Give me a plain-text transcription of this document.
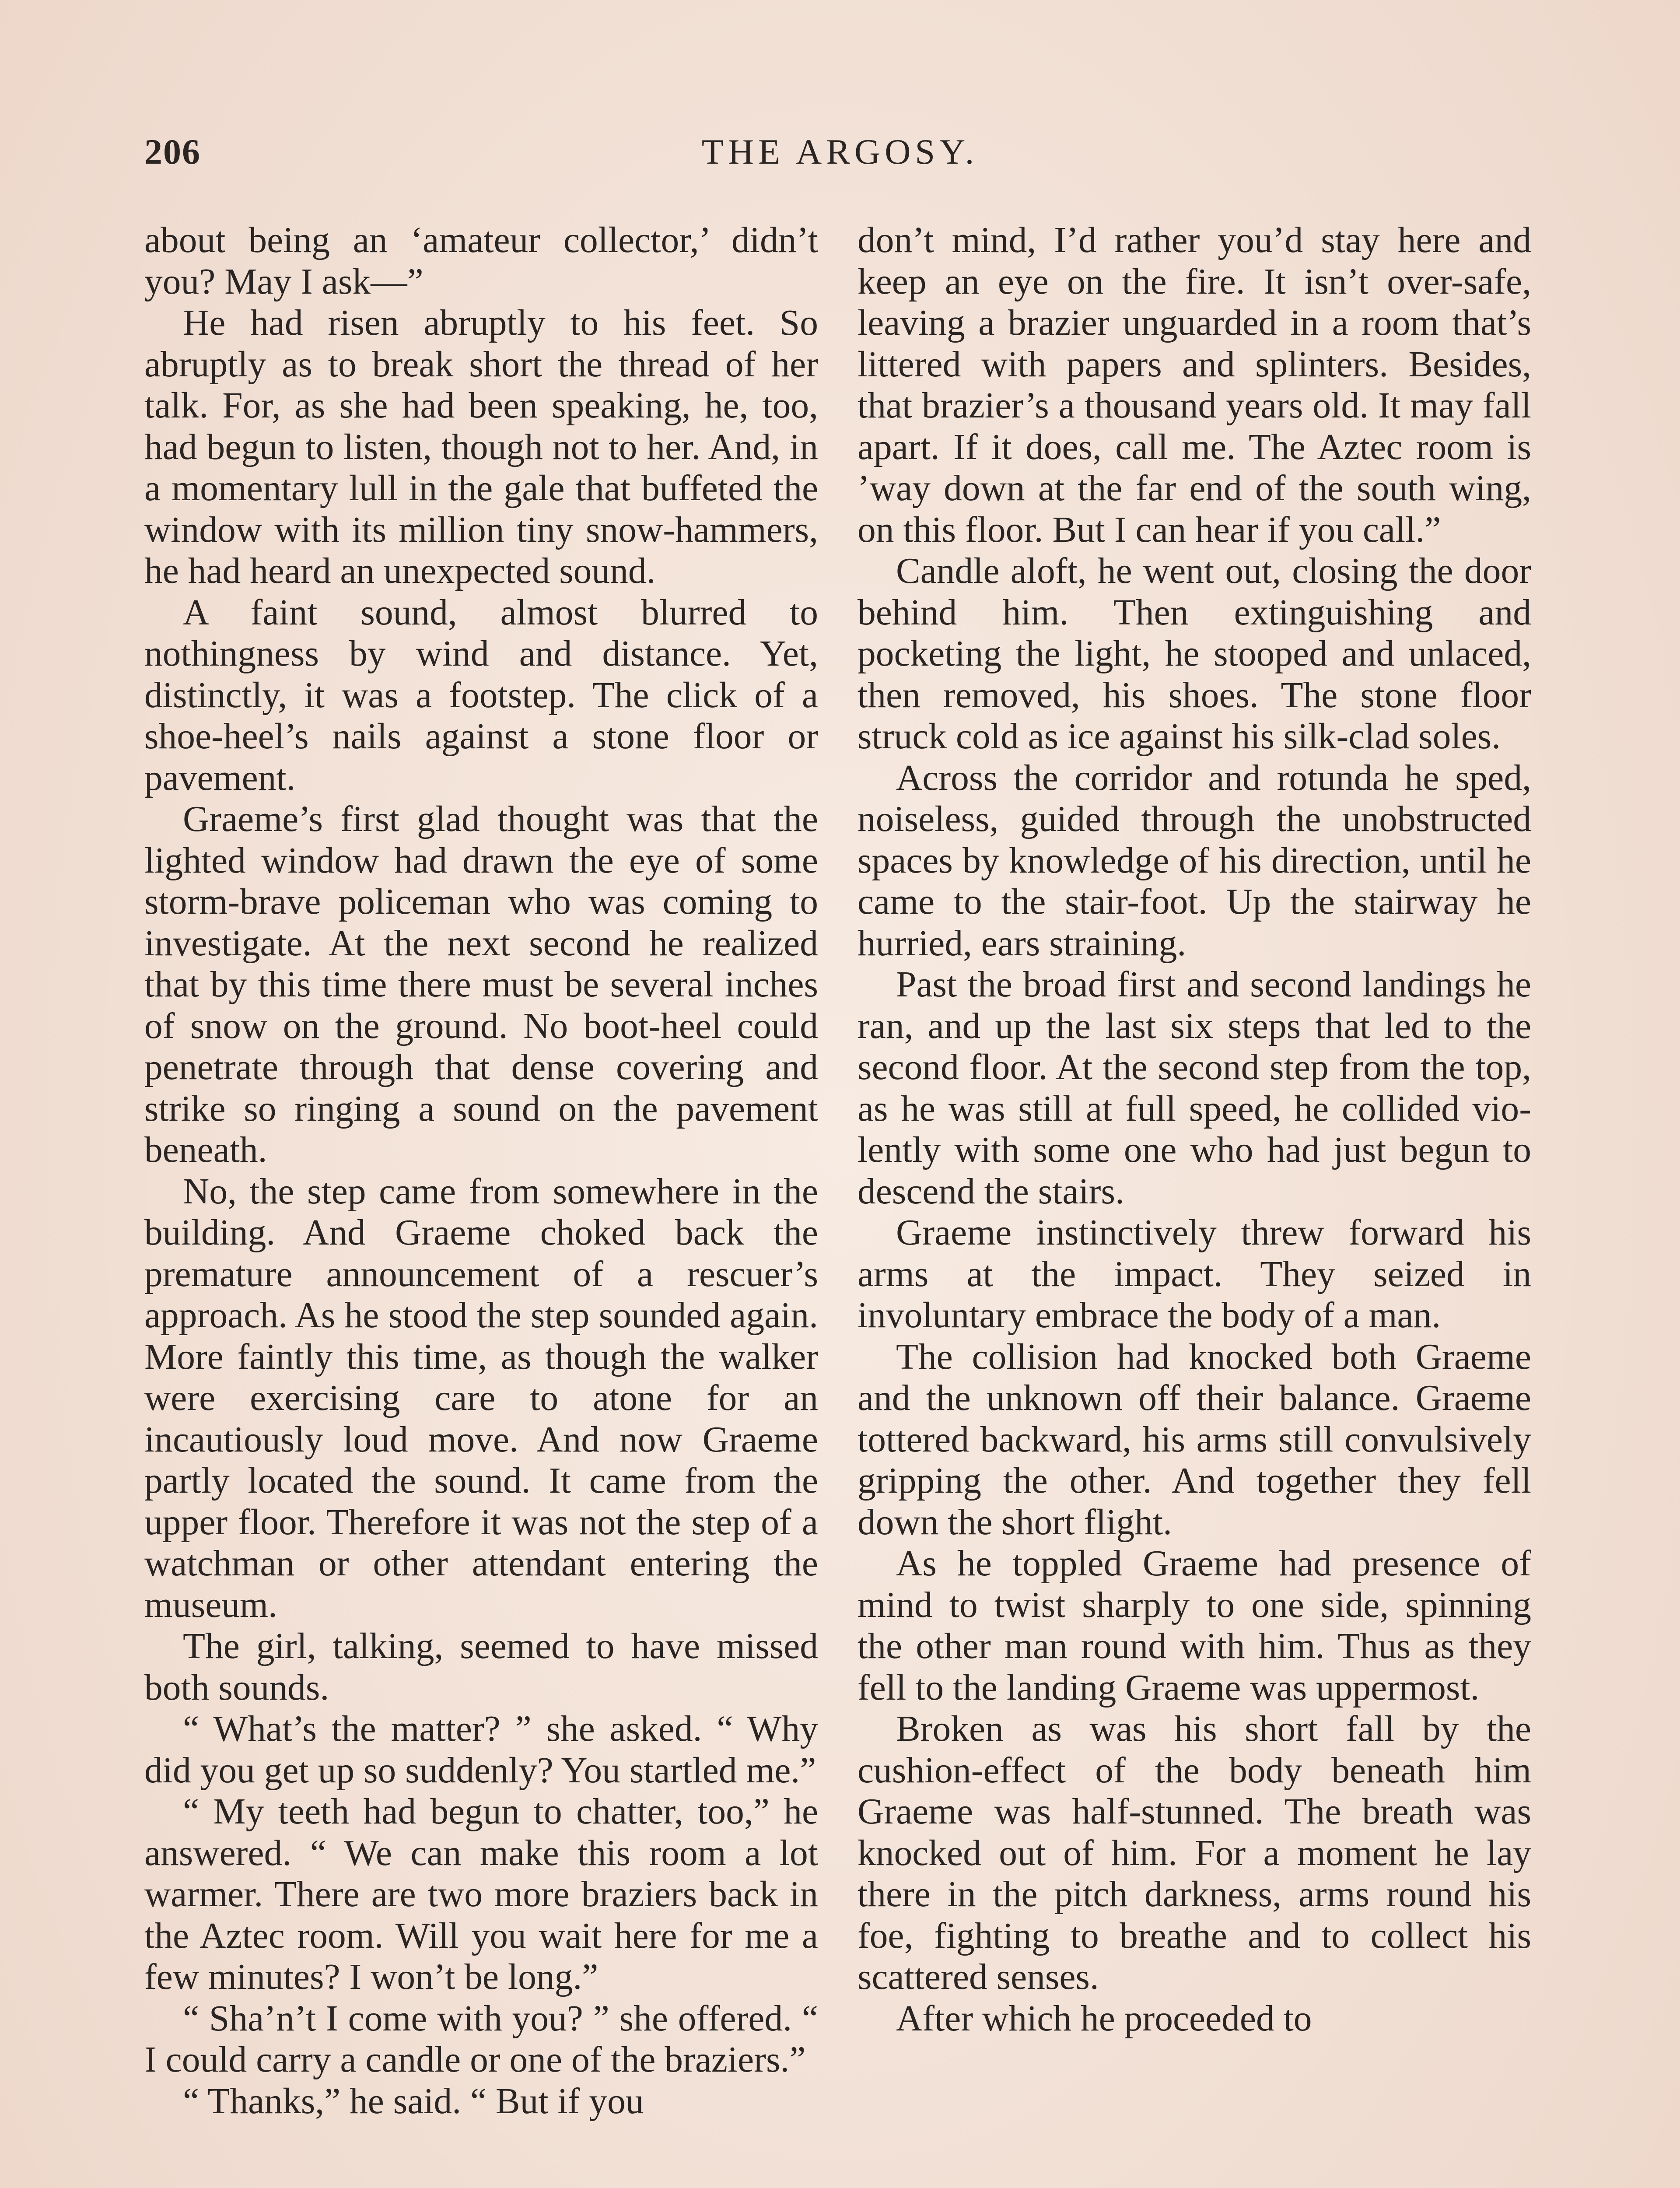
206	THE ARGOSY.

about being an ‘amateur collector,’ didn’t you? May I ask—”

He had risen abruptly to his feet. So abruptly as to break short the thread of her talk. For, as she had been speaking, he, too, had begun to listen, though not to her. And, in a momentary lull in the gale that buffeted the window with its million tiny snow-hammers, he had heard an unexpected sound.

A faint sound, almost blurred to nothingness by wind and distance. Yet, distinctly, it was a footstep. The click of a shoe-heel’s nails against a stone floor or pavement.

Graeme’s first glad thought was that the lighted window had drawn the eye of some storm-brave policeman who was coming to investigate. At the next second he realized that by this time there must be several inches of snow on the ground. No boot-heel could penetrate through that dense covering and strike so ringing a sound on the pavement beneath.

No, the step came from somewhere in the building. And Graeme choked back the premature announcement of a rescuer’s approach. As he stood the step sounded again. More faintly this time, as though the walker were exercising care to atone for an incautiously loud move. And now Graeme partly located the sound. It came from the upper floor. Therefore it was not the step of a watchman or other attendant entering the museum.

The girl, talking, seemed to have missed both sounds.

“ What’s the matter? ” she asked. “ Why did you get up so suddenly? You startled me.”

“ My teeth had begun to chatter, too,” he answered. “ We can make this room a lot warmer. There are two more braziers back in the Aztec room. Will you wait here for me a few minutes? I won’t be long.”

“ Sha’n’t I come with you? ” she offered. “ I could carry a candle or one of the braziers.”

“ Thanks,” he said. “ But if you

don’t mind, I’d rather you’d stay here and keep an eye on the fire. It isn’t over-safe, leaving a brazier unguarded in a room that’s littered with papers and splinters. Besides, that brazier’s a thousand years old. It may fall apart. If it does, call me. The Aztec room is ’way down at the far end of the south wing, on this floor. But I can hear if you call.”

Candle aloft, he went out, closing the door behind him. Then extinguishing and pocketing the light, he stooped and unlaced, then removed, his shoes. The stone floor struck cold as ice against his silk-clad soles.

Across the corridor and rotunda he sped, noiseless, guided through the unobstructed spaces by knowledge of his direction, until he came to the stair-foot. Up the stairway he hurried, ears straining.

Past the broad first and second landings he ran, and up the last six steps that led to the second floor. At the second step from the top, as he was still at full speed, he collided violently with some one who had just begun to descend the stairs.

Graeme instinctively threw forward his arms at the impact. They seized in involuntary embrace the body of a man.

The collision had knocked both Graeme and the unknown off their balance. Graeme tottered backward, his arms still convulsively gripping the other. And together they fell down the short flight.

As he toppled Graeme had presence of mind to twist sharply to one side, spinning the other man round with him. Thus as they fell to the landing Graeme was uppermost.

Broken as was his short fall by the cushion-effect of the body beneath him Graeme was half-stunned. The breath was knocked out of him. For a moment he lay there in the pitch darkness, arms round his foe, fighting to breathe and to collect his scattered senses.

After which he proceeded to
